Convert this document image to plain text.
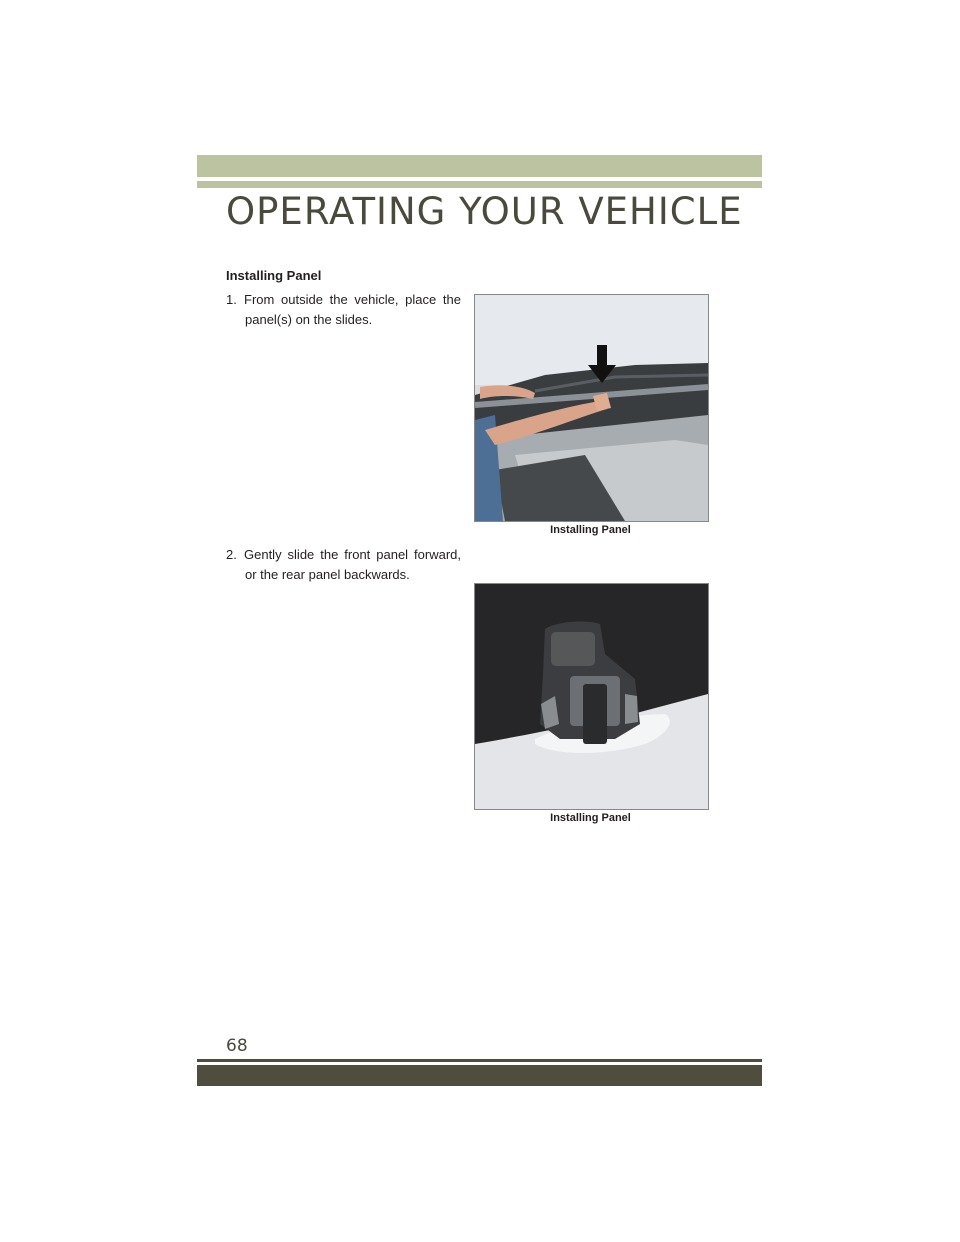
OPERATING YOUR VEHICLE
Installing Panel
1. From outside the vehicle, place the
panel(s) on the slides.
Installing Panel
2. Gently slide the front panel forward,
or the rear panel backwards.
Installing Panel
68
